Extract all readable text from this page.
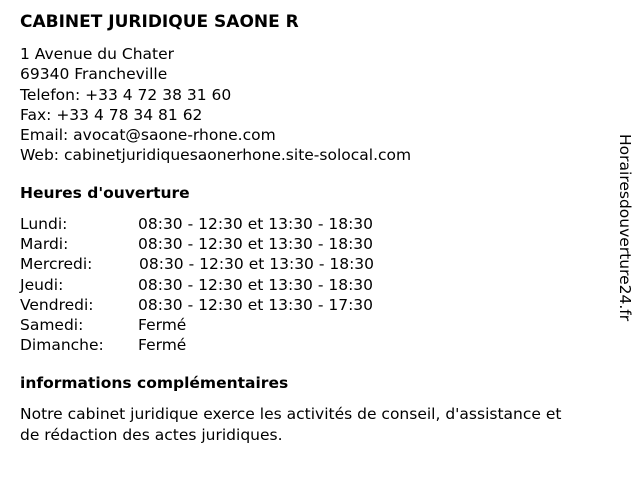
CABINET JURIDIQUE SAONE R
1 Avenue du Chater
69340 Francheville
Telefon: +33 4 72 38 31 60
Fax: +33 4 78 34 81 62
Email: avocat@saone-rhone.com
Web: cabinetjuridiquesaonerhone.site-solocal.com
Heures d'ouverture
Lundi:	08:30 - 12:30 et 13:30 - 18:30
Mardi:	08:30 - 12:30 et 13:30 - 18:30
Mercredi:	08:30 - 12:30 et 13:30 - 18:30
Jeudi:	08:30 - 12:30 et 13:30 - 18:30
Vendredi:	08:30 - 12:30 et 13:30 - 17:30
Samedi:	Fermé
Dimanche: Fermé
informations complémentaires
Notre cabinet juridique exerce les activités de conseil, d'assistance et de rédaction des actes juridiques.
Horairesdouverture24.fr
